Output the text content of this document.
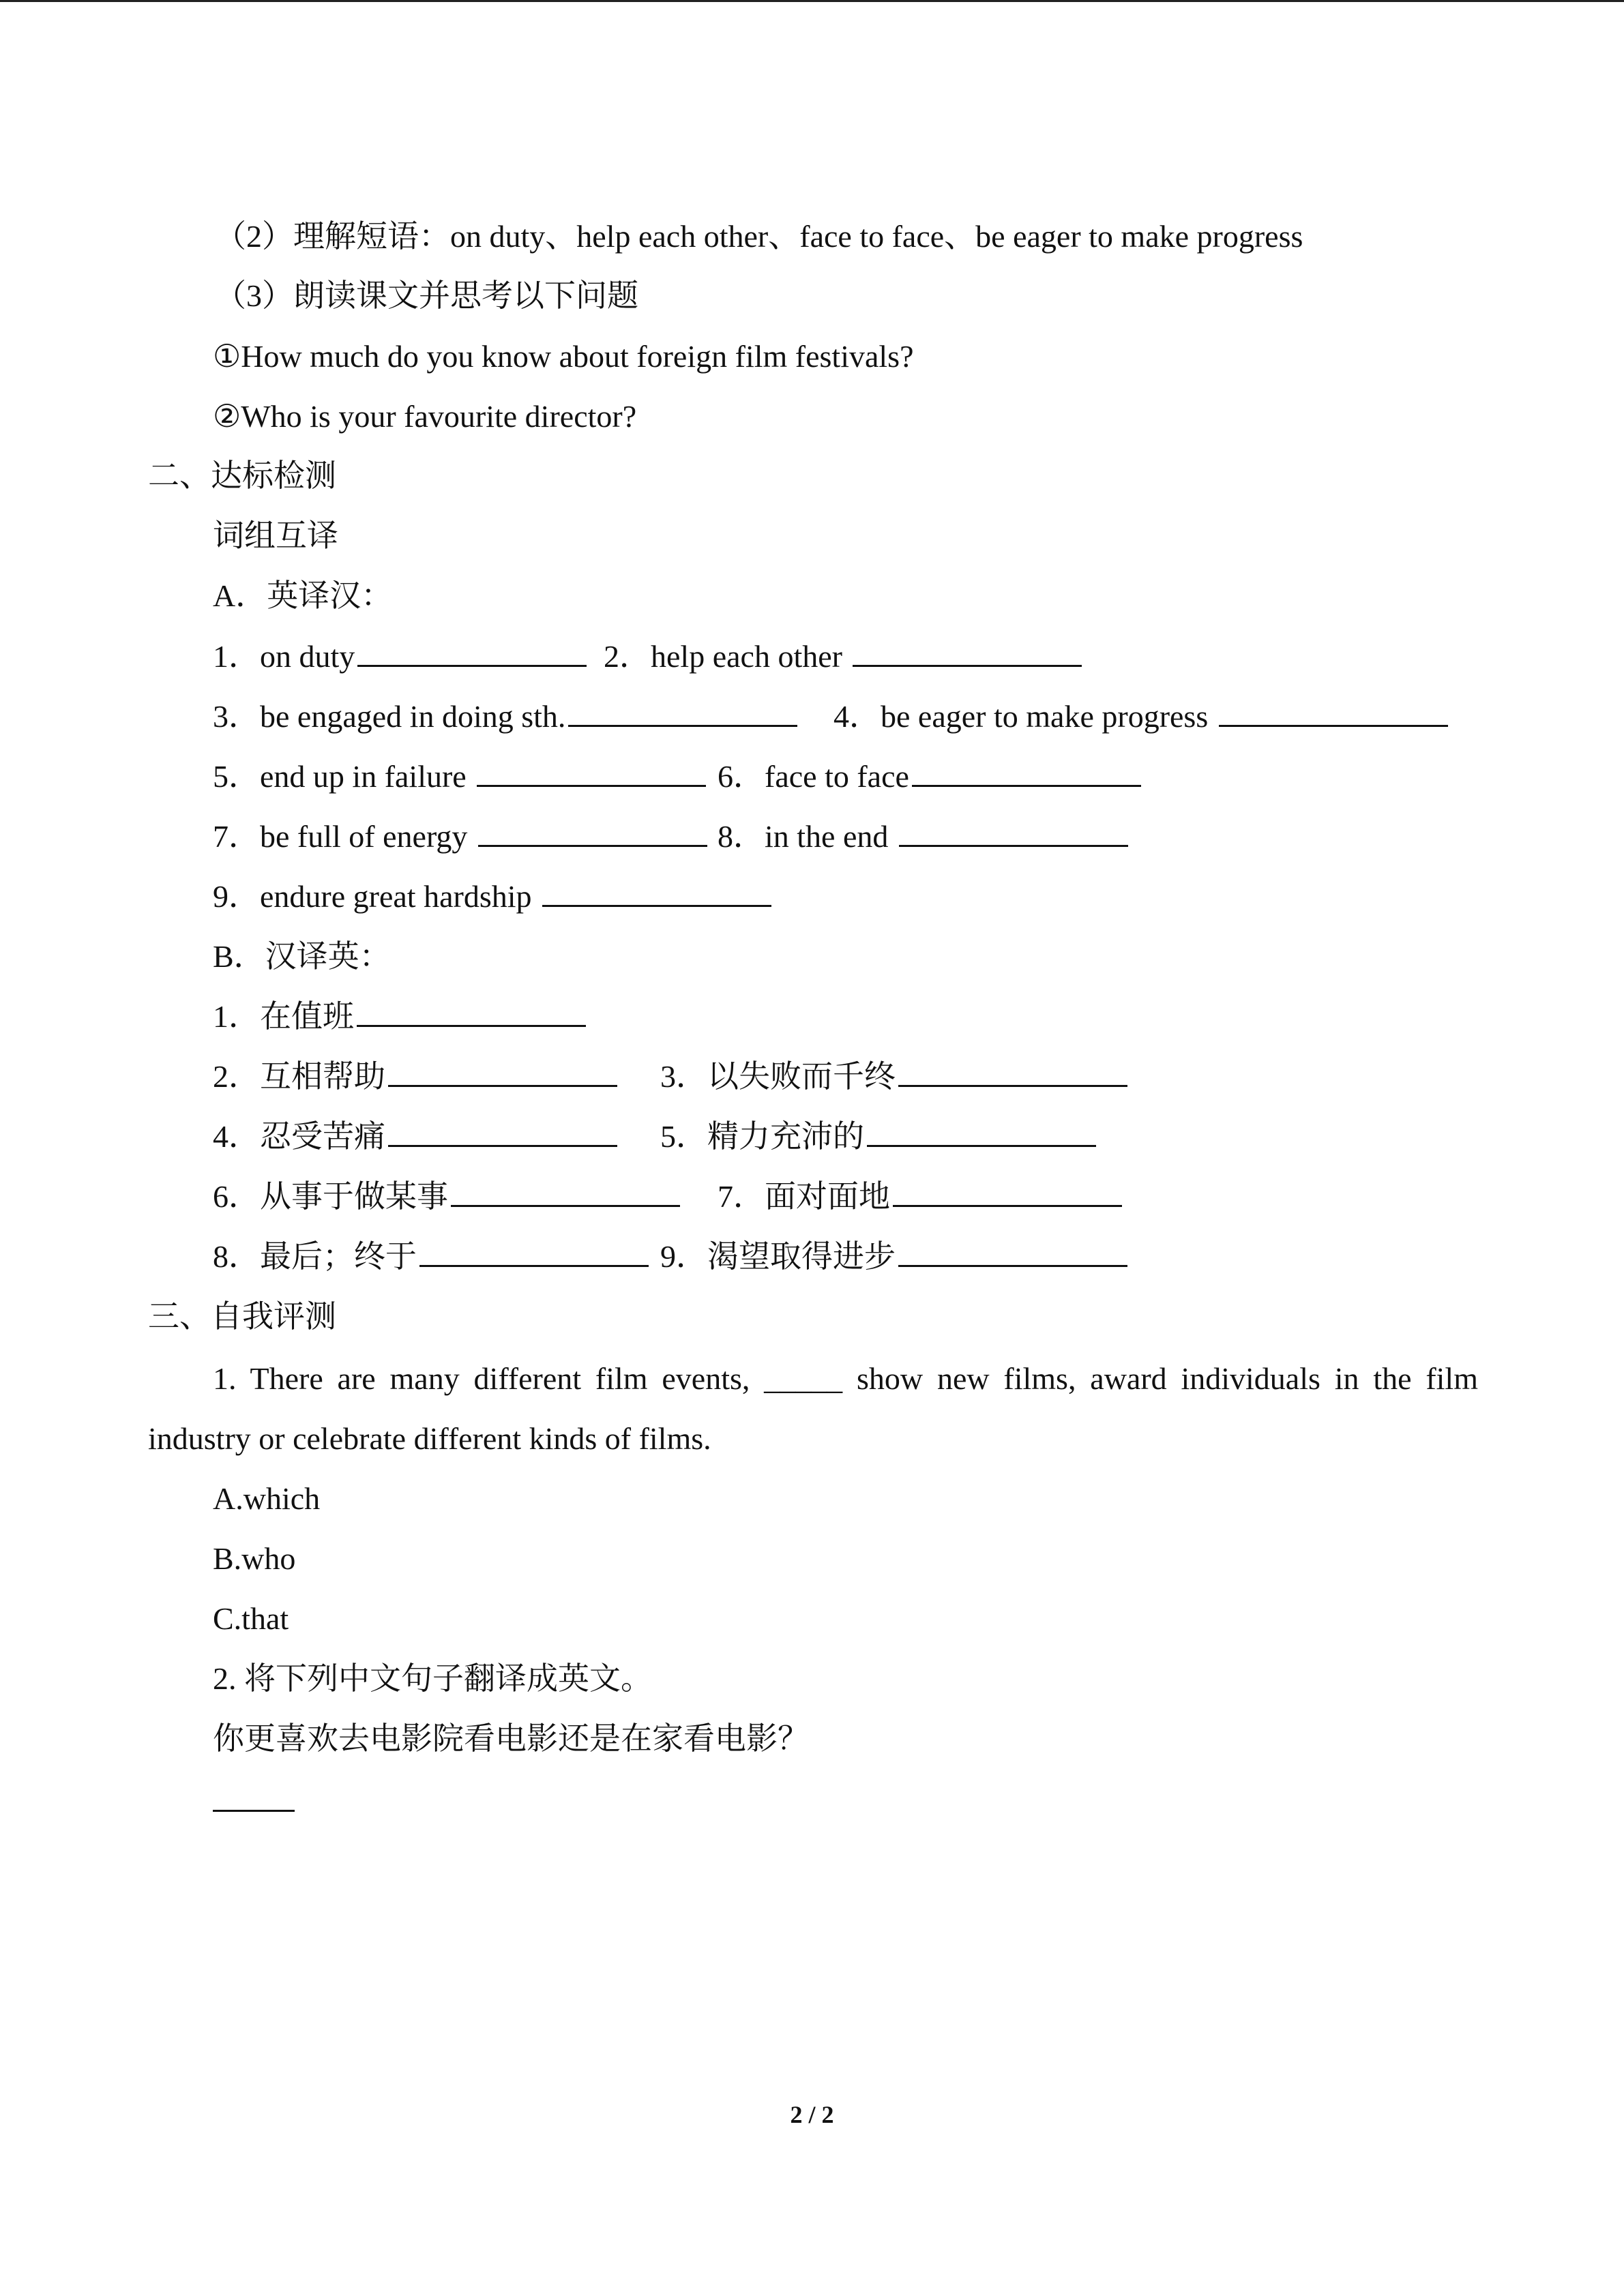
（2）理解短语：on duty、help each other、face to face、be eager to make progress
（3）朗读课文并思考以下问题
①How much do you know about foreign film festivals?
②Who is your favourite director?
二、达标检测
词组互译
A．英译汉：
1．on duty	2．help each other
3．be engaged in doing sth.	4．be eager to make progress
5．end up in failure	6．face to face
7．be full of energy	8．in the end
9．endure great hardship
B．汉译英：
1．在值班
2．互相帮助	3．以失败而千终
4．忍受苦痛	5．精力充沛的
6．从事于做某事	7．面对面地
8．最后；终于	9．渴望取得进步
三、自我评测
1. There are many different film events, _____ show new films, award individuals in the film
industry or celebrate different kinds of films.
A.which
B.who
C.that
2. 将下列中文句子翻译成英文。
你更喜欢去电影院看电影还是在家看电影？
2 / 2
